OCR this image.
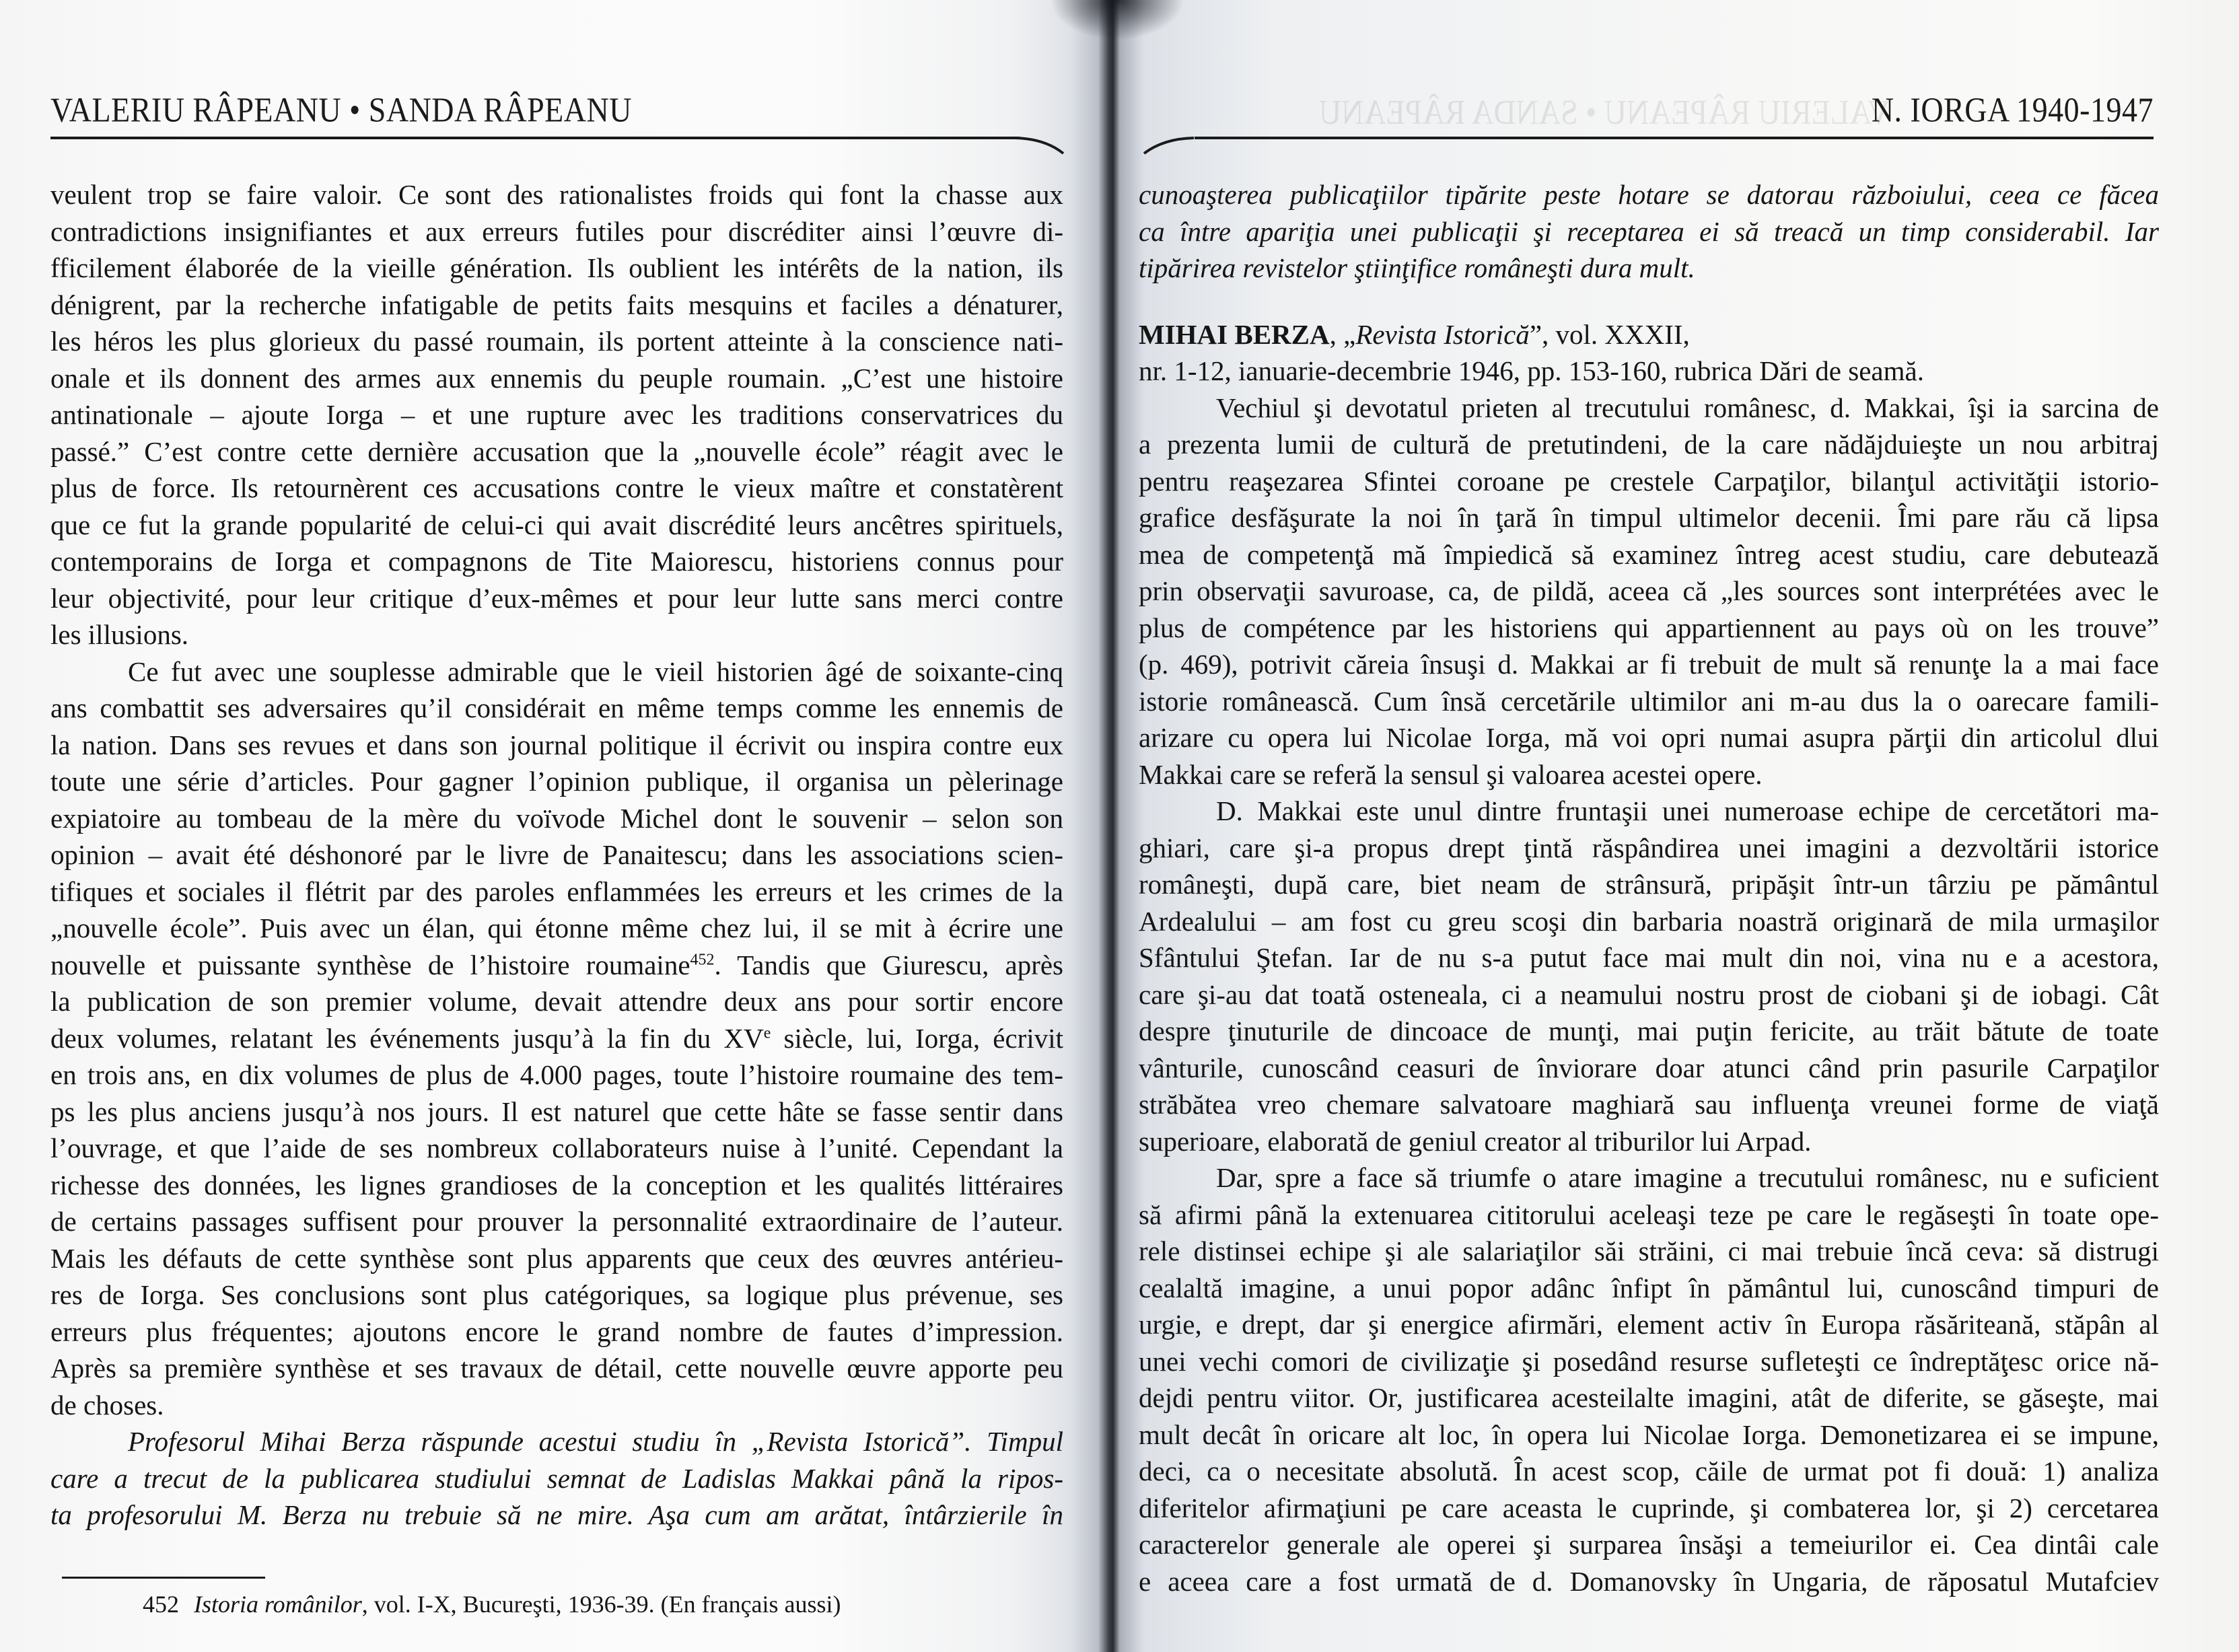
VALERIU RÂPEANU • SANDA RÂPEANU
veulent trop se faire valoir. Ce sont des rationalistes froids qui font la chasse aux
contradictions insignifiantes et aux erreurs futiles pour discréditer ainsi l’œuvre di-
fficilement élaborée de la vieille génération. Ils oublient les intérêts de la nation, ils
dénigrent, par la recherche infatigable de petits faits mesquins et faciles a dénaturer,
les héros les plus glorieux du passé roumain, ils portent atteinte à la conscience nati-
onale et ils donnent des armes aux ennemis du peuple roumain. „C’est une histoire
antinationale – ajoute Iorga – et une rupture avec les traditions conservatrices du
passé.” C’est contre cette dernière accusation que la „nouvelle école” réagit avec le
plus de force. Ils retournèrent ces accusations contre le vieux maître et constatèrent
que ce fut la grande popularité de celui-ci qui avait discrédité leurs ancêtres spirituels,
contemporains de Iorga et compagnons de Tite Maiorescu, historiens connus pour
leur objectivité, pour leur critique d’eux-mêmes et pour leur lutte sans merci contre
les illusions.
Ce fut avec une souplesse admirable que le vieil historien âgé de soixante-cinq
ans combattit ses adversaires qu’il considérait en même temps comme les ennemis de
la nation. Dans ses revues et dans son journal politique il écrivit ou inspira contre eux
toute une série d’articles. Pour gagner l’opinion publique, il organisa un pèlerinage
expiatoire au tombeau de la mère du voïvode Michel dont le souvenir – selon son
opinion – avait été déshonoré par le livre de Panaitescu; dans les associations scien-
tifiques et sociales il flétrit par des paroles enflammées les erreurs et les crimes de la
„nouvelle école”. Puis avec un élan, qui étonne même chez lui, il se mit à écrire une
nouvelle et puissante synthèse de l’histoire roumaine$^{452}$. Tandis que Giurescu, après
la publication de son premier volume, devait attendre deux ans pour sortir encore
deux volumes, relatant les événements jusqu’à la fin du XVe siècle, lui, Iorga, écrivit
en trois ans, en dix volumes de plus de 4.000 pages, toute l’histoire roumaine des tem-
ps les plus anciens jusqu’à nos jours. Il est naturel que cette hâte se fasse sentir dans
l’ouvrage, et que l’aide de ses nombreux collaborateurs nuise à l’unité. Cependant la
richesse des données, les lignes grandioses de la conception et les qualités littéraires
de certains passages suffisent pour prouver la personnalité extraordinaire de l’auteur.
Mais les défauts de cette synthèse sont plus apparents que ceux des œuvres antérieu-
res de Iorga. Ses conclusions sont plus catégoriques, sa logique plus prévenue, ses
erreurs plus fréquentes; ajoutons encore le grand nombre de fautes d’impression.
Après sa première synthèse et ses travaux de détail, cette nouvelle œuvre apporte peu
de choses.
Profesorul Mihai Berza răspunde acestui studiu în „Revista Istorică”. Timpul
care a trecut de la publicarea studiului semnat de Ladislas Makkai până la ripos-
ta profesorului M. Berza nu trebuie să ne mire. Aşa cum am arătat, întârzierile în
452 Istoria românilor, vol. I-X, Bucureşti, 1936-39. (En français aussi)
VALERIU RÂPEANU • SANDA RÂPEANU
N. IORGA 1940-1947
cunoaşterea publicaţiilor tipărite peste hotare se datorau războiului, ceea ce făcea
ca între apariţia unei publicaţii şi receptarea ei să treacă un timp considerabil. Iar
tipărirea revistelor ştiinţifice româneşti dura mult.
MIHAI BERZA, „Revista Istorică”, vol. XXXII,
nr. 1-12, ianuarie-decembrie 1946, pp. 153-160, rubrica Dări de seamă.
Vechiul şi devotatul prieten al trecutului românesc, d. Makkai, îşi ia sarcina de
a prezenta lumii de cultură de pretutindeni, de la care nădăjduieşte un nou arbitraj
pentru reaşezarea Sfintei coroane pe crestele Carpaţilor, bilanţul activităţii istorio-
grafice desfăşurate la noi în ţară în timpul ultimelor decenii. Îmi pare rău că lipsa
mea de competenţă mă împiedică să examinez întreg acest studiu, care debutează
prin observaţii savuroase, ca, de pildă, aceea că „les sources sont interprétées avec le
plus de compétence par les historiens qui appartiennent au pays où on les trouve”
(p. 469), potrivit căreia însuşi d. Makkai ar fi trebuit de mult să renunţe la a mai face
istorie românească. Cum însă cercetările ultimilor ani m-au dus la o oarecare famili-
arizare cu opera lui Nicolae Iorga, mă voi opri numai asupra părţii din articolul dlui
Makkai care se referă la sensul şi valoarea acestei opere.
D. Makkai este unul dintre fruntaşii unei numeroase echipe de cercetători ma-
ghiari, care şi-a propus drept ţintă răspândirea unei imagini a dezvoltării istorice
româneşti, după care, biet neam de strânsură, pripăşit într-un târziu pe pământul
Ardealului – am fost cu greu scoşi din barbaria noastră originară de mila urmaşilor
Sfântului Ştefan. Iar de nu s-a putut face mai mult din noi, vina nu e a acestora,
care şi-au dat toată osteneala, ci a neamului nostru prost de ciobani şi de iobagi. Cât
despre ţinuturile de dincoace de munţi, mai puţin fericite, au trăit bătute de toate
vânturile, cunoscând ceasuri de înviorare doar atunci când prin pasurile Carpaţilor
străbătea vreo chemare salvatoare maghiară sau influenţa vreunei forme de viaţă
superioare, elaborată de geniul creator al triburilor lui Arpad.
Dar, spre a face să triumfe o atare imagine a trecutului românesc, nu e suficient
să afirmi până la extenuarea cititorului aceleaşi teze pe care le regăseşti în toate ope-
rele distinsei echipe şi ale salariaţilor săi străini, ci mai trebuie încă ceva: să distrugi
cealaltă imagine, a unui popor adânc înfipt în pământul lui, cunoscând timpuri de
urgie, e drept, dar şi energice afirmări, element activ în Europa răsăriteană, stăpân al
unei vechi comori de civilizaţie şi posedând resurse sufleteşti ce îndreptăţesc orice nă-
dejdi pentru viitor. Or, justificarea acesteilalte imagini, atât de diferite, se găseşte, mai
mult decât în oricare alt loc, în opera lui Nicolae Iorga. Demonetizarea ei se impune,
deci, ca o necesitate absolută. În acest scop, căile de urmat pot fi două: 1) analiza
diferitelor afirmaţiuni pe care aceasta le cuprinde, şi combaterea lor, şi 2) cercetarea
caracterelor generale ale operei şi surparea însăşi a temeiurilor ei. Cea dintâi cale
e aceea care a fost urmată de d. Domanovsky în Ungaria, de răposatul Mutafciev
